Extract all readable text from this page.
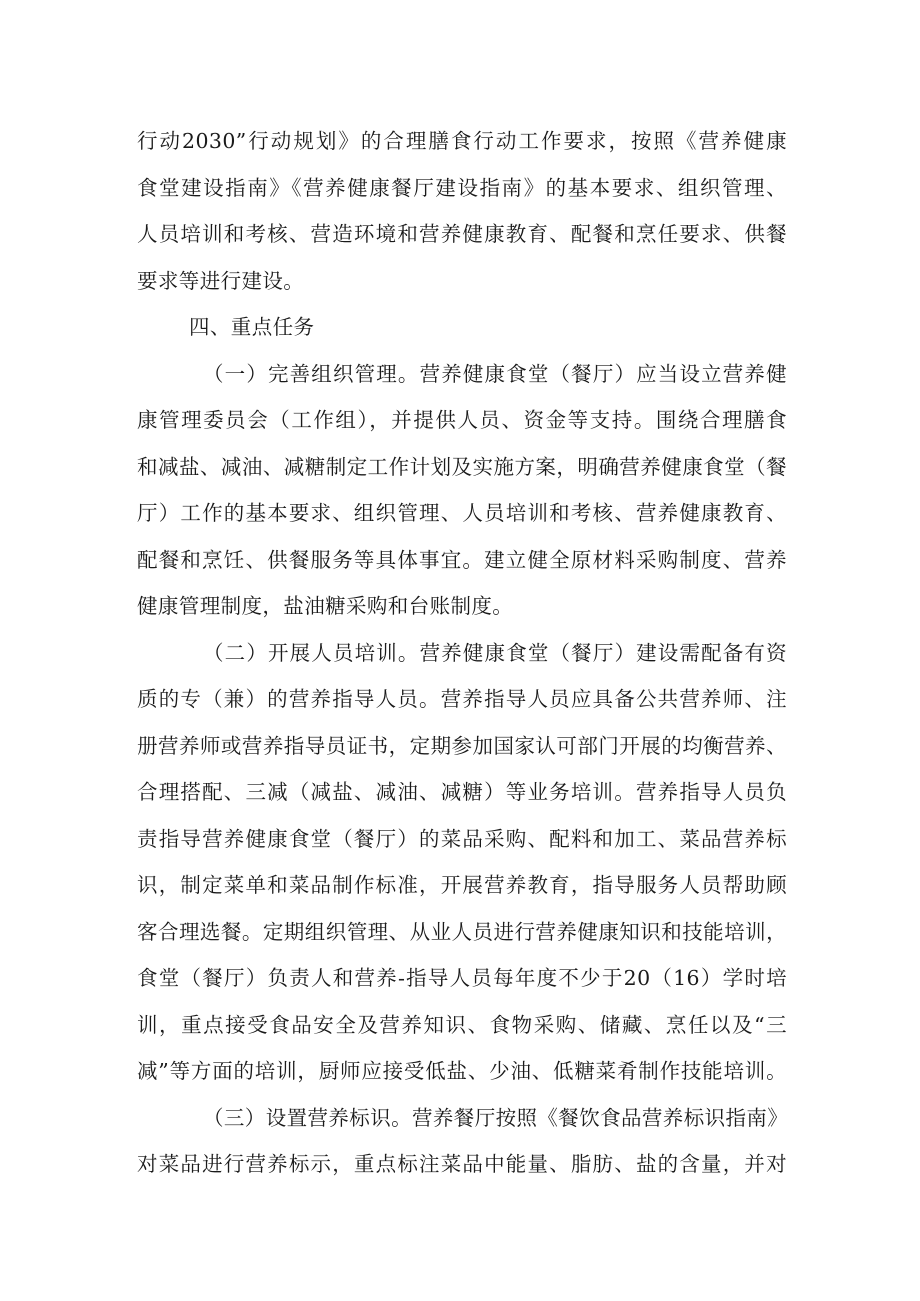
行动2030”行动规划》的合理膳食行动工作要求，按照《营养健康
食堂建设指南》《营养健康餐厅建设指南》的基本要求、组织管理、
人员培训和考核、营造环境和营养健康教育、配餐和烹任要求、供餐
要求等进行建设。
四、重点任务
（一）完善组织管理。营养健康食堂（餐厅）应当设立营养健
康管理委员会（工作组），并提供人员、资金等支持。围绕合理膳食
和减盐、减油、减糖制定工作计划及实施方案，明确营养健康食堂（餐
厅）工作的基本要求、组织管理、人员培训和考核、营养健康教育、
配餐和烹饪、供餐服务等具体事宜。建立健全原材料采购制度、营养
健康管理制度，盐油糖采购和台账制度。
（二）开展人员培训。营养健康食堂（餐厅）建设需配备有资
质的专（兼）的营养指导人员。营养指导人员应具备公共营养师、注
册营养师或营养指导员证书，定期参加国家认可部门开展的均衡营养、
合理搭配、三减（减盐、减油、减糖）等业务培训。营养指导人员负
责指导营养健康食堂（餐厅）的菜品采购、配料和加工、菜品营养标
识，制定菜单和菜品制作标准，开展营养教育，指导服务人员帮助顾
客合理选餐。定期组织管理、从业人员进行营养健康知识和技能培训，
食堂（餐厅）负责人和营养-指导人员每年度不少于20（16）学时培
训，重点接受食品安全及营养知识、食物采购、储藏、烹任以及“三
减”等方面的培训，厨师应接受低盐、少油、低糖菜肴制作技能培训。
（三）设置营养标识。营养餐厅按照《餐饮食品营养标识指南》
对菜品进行营养标示，重点标注菜品中能量、脂肪、盐的含量，并对
